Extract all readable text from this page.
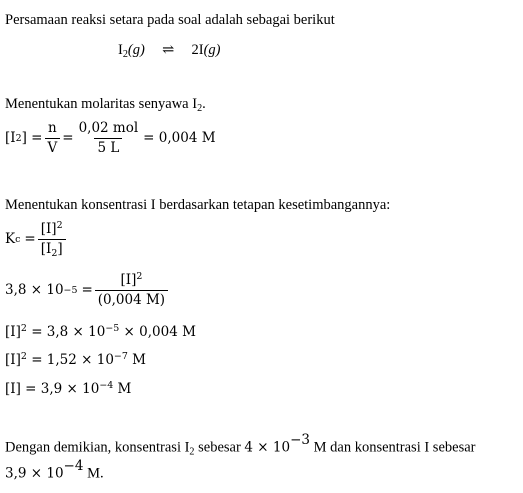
Persamaan reaksi setara pada soal adalah sebagai berikut
$I_2(g)$ ⇌ 2I(g)
Menentukan molaritas senyawa $I_2$.
[I 2 ] = $\frac{n}{V} = \frac{\text{0,02 mol}}{5 L} = 0,004$ M
Menentukan konsentrasi I berdasarkan tetapan kesetimbangannya:
K $c = \frac{[I]^2}{[I_2]}$
$3,8 \times 10 -5 = \frac{[I]^2}{(0,004 M)}$
$[I]^2 = 3,8 \times 10^{-5} \times 0,004$ M
$[I]^2 = 1,52 \times 10^{-7}$ M
$[I] = 3,9 \times 10^{-4}$ M
Dengan demikian, konsentrasi $I_2$ sebesar $4 \times 10^{-3}$ M dan konsentrasi I sebesar
$3,9 \times 10^{-4}$ M.
